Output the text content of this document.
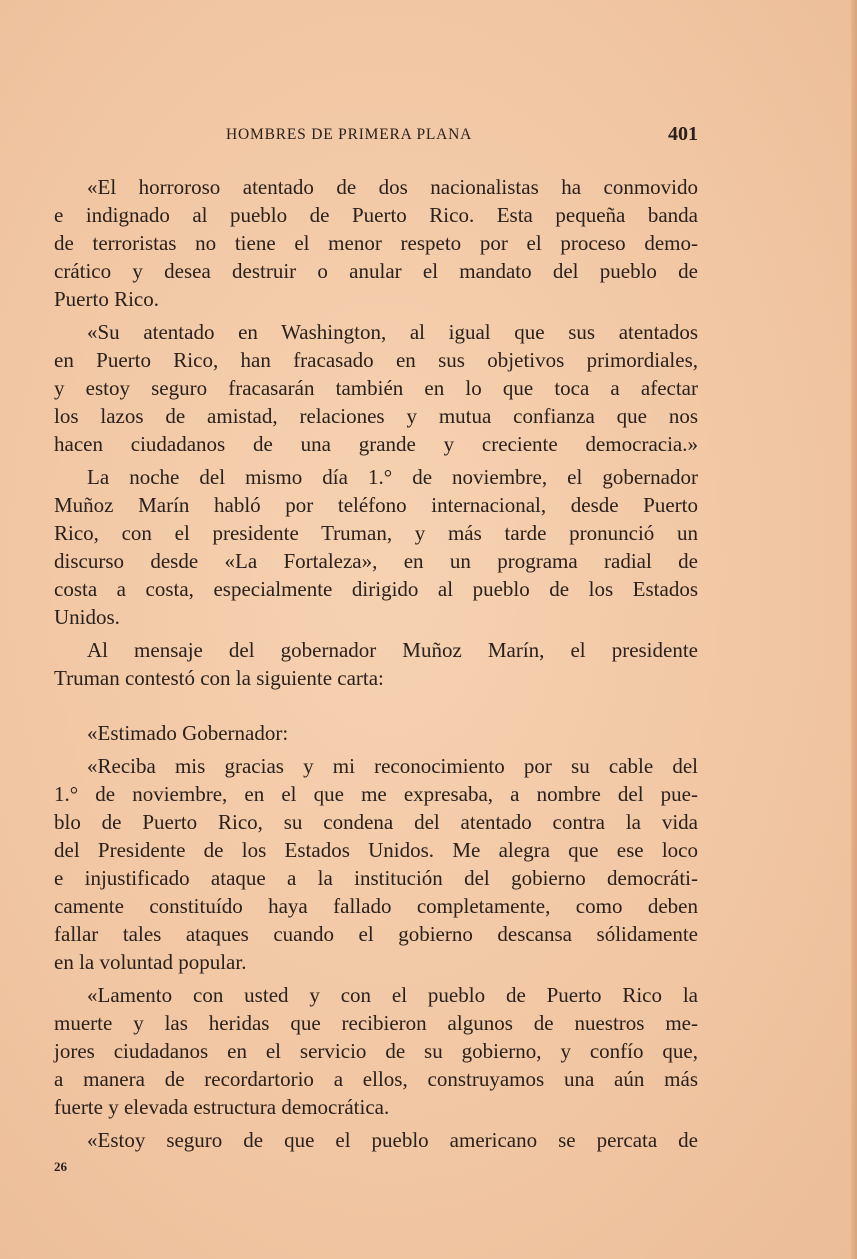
HOMBRES DE PRIMERA PLANA	401
«El horroroso atentado de dos nacionalistas ha conmovido
e indignado al pueblo de Puerto Rico. Esta pequeña banda
de terroristas no tiene el menor respeto por el proceso demo-
crático y desea destruir o anular el mandato del pueblo de
Puerto Rico.
«Su atentado en Washington, al igual que sus atentados
en Puerto Rico, han fracasado en sus objetivos primordiales,
y estoy seguro fracasarán también en lo que toca a afectar
los lazos de amistad, relaciones y mutua confianza que nos
hacen ciudadanos de una grande y creciente democracia.»
La noche del mismo día 1.° de noviembre, el gobernador
Muñoz Marín habló por teléfono internacional, desde Puerto
Rico, con el presidente Truman, y más tarde pronunció un
discurso desde «La Fortaleza», en un programa radial de
costa a costa, especialmente dirigido al pueblo de los Estados
Unidos.
Al mensaje del gobernador Muñoz Marín, el presidente
Truman contestó con la siguiente carta:
«Estimado Gobernador:
«Reciba mis gracias y mi reconocimiento por su cable del
1.° de noviembre, en el que me expresaba, a nombre del pue-
blo de Puerto Rico, su condena del atentado contra la vida
del Presidente de los Estados Unidos. Me alegra que ese loco
e injustificado ataque a la institución del gobierno democráti-
camente constituído haya fallado completamente, como deben
fallar tales ataques cuando el gobierno descansa sólidamente
en la voluntad popular.
«Lamento con usted y con el pueblo de Puerto Rico la
muerte y las heridas que recibieron algunos de nuestros me-
jores ciudadanos en el servicio de su gobierno, y confío que,
a manera de recordartorio a ellos, construyamos una aún más
fuerte y elevada estructura democrática.
«Estoy seguro de que el pueblo americano se percata de
26
